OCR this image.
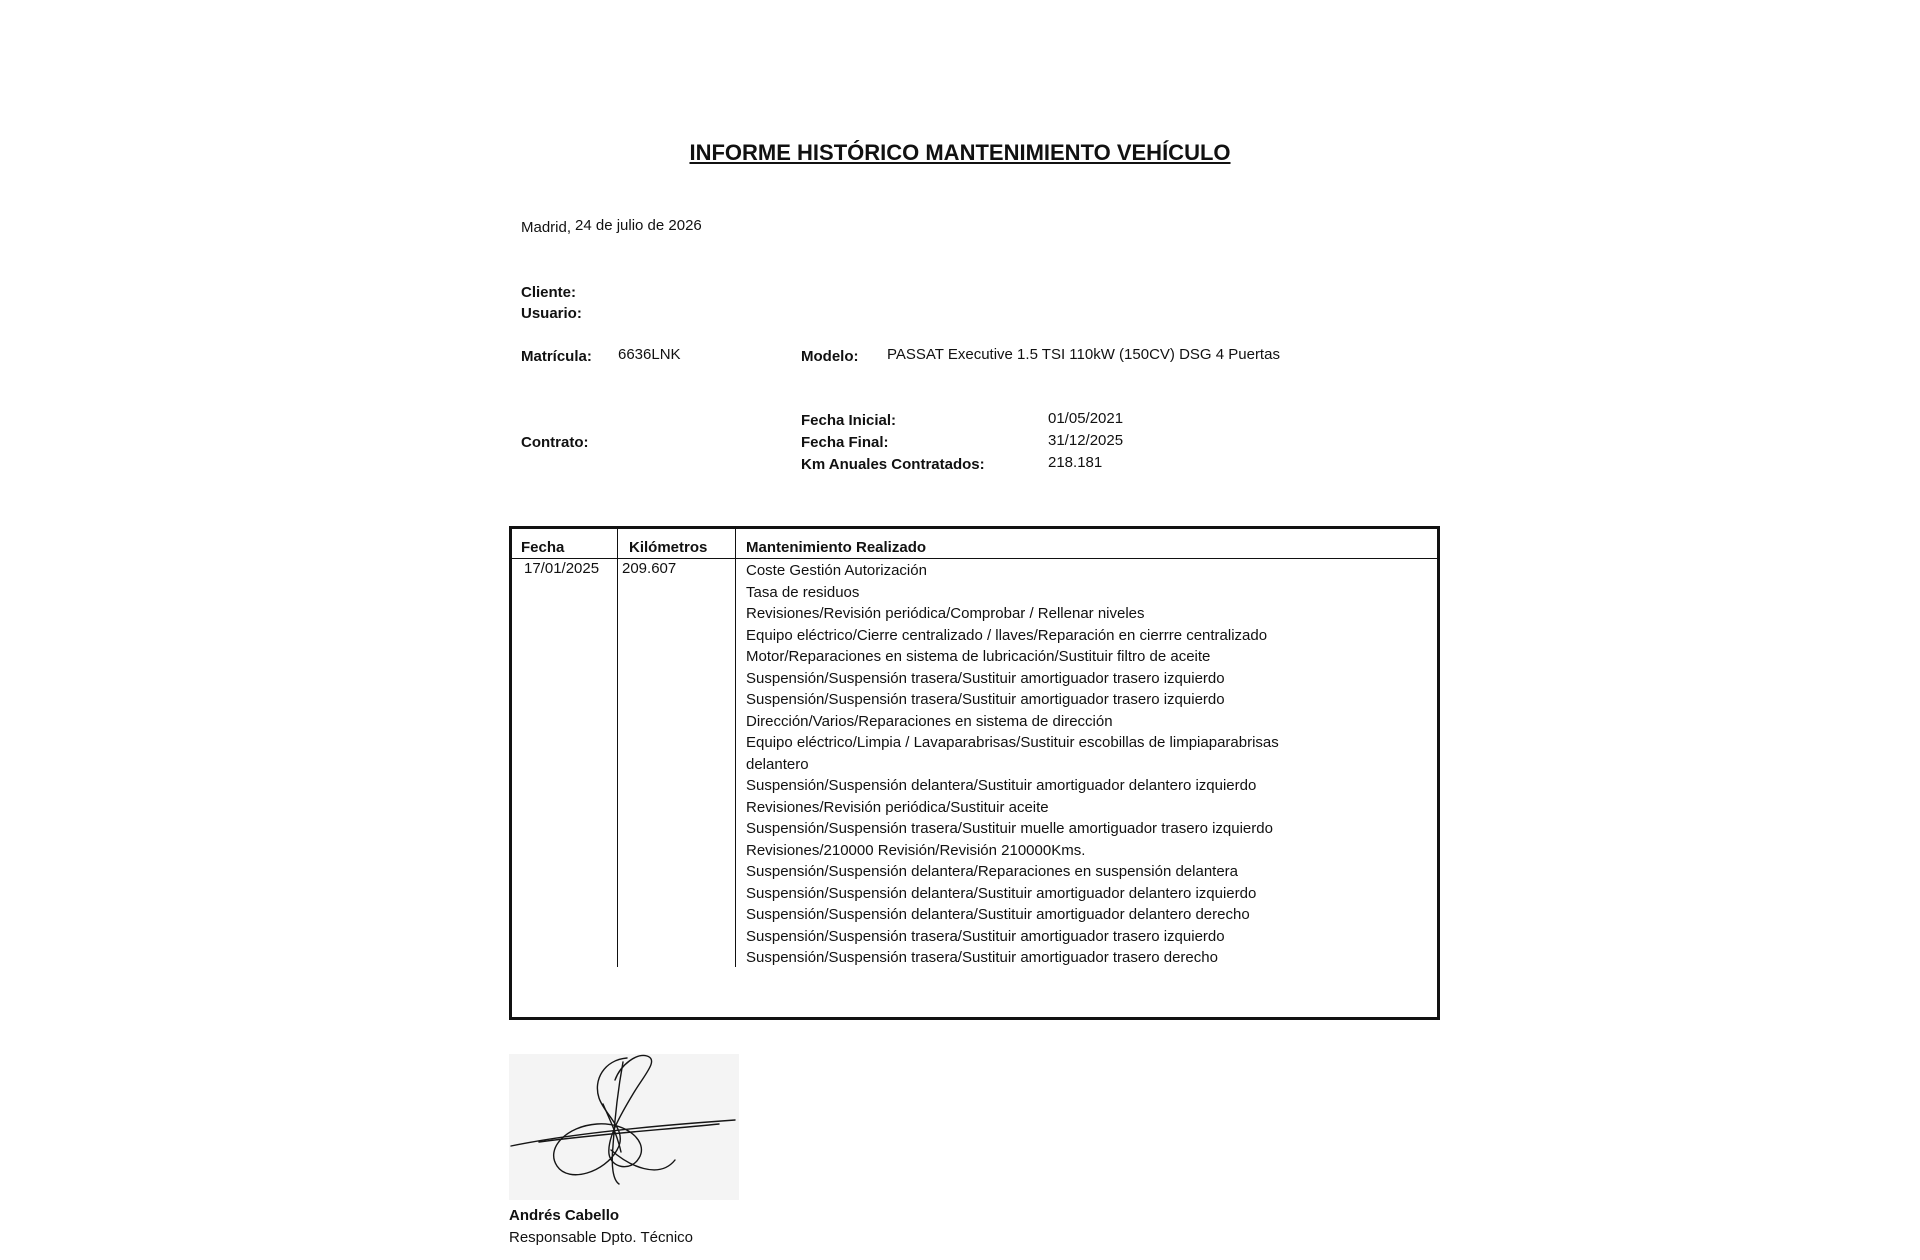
INFORME HISTÓRICO MANTENIMIENTO VEHÍCULO
Madrid, 24 de julio de 2026
Cliente:
Usuario:
Matrícula: 6636LNK	Modelo: PASSAT Executive 1.5 TSI 110kW (150CV) DSG 4 Puertas
Contrato:
Fecha Inicial:	01/05/2021
Fecha Final:	31/12/2025
Km Anuales Contratados:	218.181
Fecha	Kilómetros	Mantenimiento Realizado
17/01/2025 209.607	Coste Gestión Autorización
Tasa de residuos
Revisiones/Revisión periódica/Comprobar / Rellenar niveles
Equipo eléctrico/Cierre centralizado / llaves/Reparación en cierrre centralizado
Motor/Reparaciones en sistema de lubricación/Sustituir filtro de aceite
Suspensión/Suspensión trasera/Sustituir amortiguador trasero izquierdo
Suspensión/Suspensión trasera/Sustituir amortiguador trasero izquierdo
Dirección/Varios/Reparaciones en sistema de dirección
Equipo eléctrico/Limpia / Lavaparabrisas/Sustituir escobillas de limpiaparabrisas
delantero
Suspensión/Suspensión delantera/Sustituir amortiguador delantero izquierdo
Revisiones/Revisión periódica/Sustituir aceite
Suspensión/Suspensión trasera/Sustituir muelle amortiguador trasero izquierdo
Revisiones/210000 Revisión/Revisión 210000Kms.
Suspensión/Suspensión delantera/Reparaciones en suspensión delantera
Suspensión/Suspensión delantera/Sustituir amortiguador delantero izquierdo
Suspensión/Suspensión delantera/Sustituir amortiguador delantero derecho
Suspensión/Suspensión trasera/Sustituir amortiguador trasero izquierdo
Suspensión/Suspensión trasera/Sustituir amortiguador trasero derecho
Andrés Cabello
Responsable Dpto. Técnico
